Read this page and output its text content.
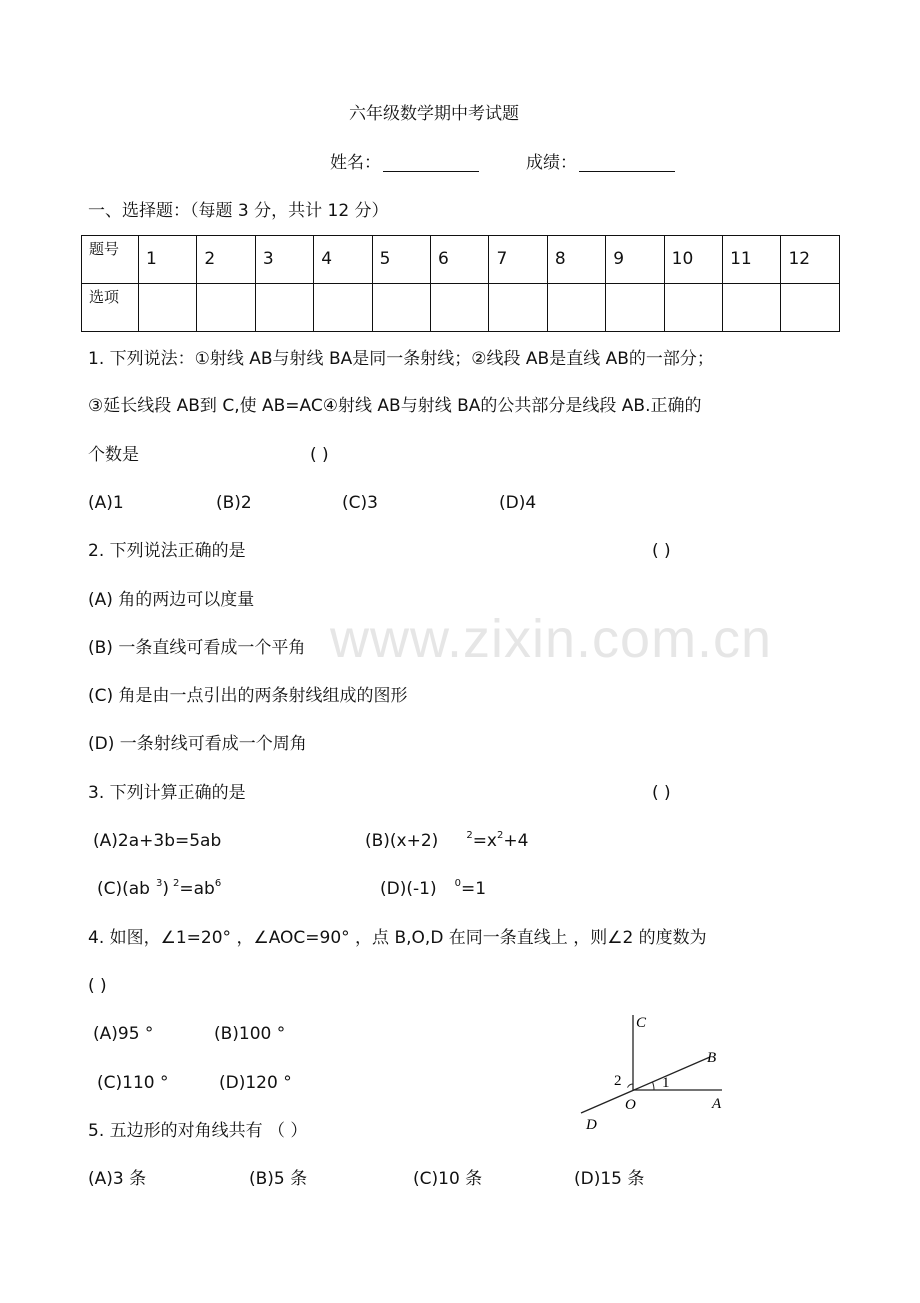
www.zixin.com.cn
六年级数学期中考试题
姓名：	成绩：
一、选择题：（每题 3 分，共计 12 分）
题号	1	2	3	4	5	6	7	8	9	10	11	12
选项												
1. 下列说法：①射线 AB与射线 BA是同一条射线；②线段 AB是直线 AB的一部分；
③延长线段 AB到 C,使 AB=AC④射线 AB与射线 BA的公共部分是线段 AB.正确的
个数是	( )
(A)1	(B)2	(C)3	(D)4
2. 下列说法正确的是	( )
(A) 角的两边可以度量
(B) 一条直线可看成一个平角
(C) 角是由一点引出的两条射线组成的图形
(D) 一条射线可看成一个周角
3. 下列计算正确的是	( )
(A)2a+3b=5ab	(B)(x+2)	$^2=x^2+4$
(C)(ab $^3$) $^2=ab^6$	(D)(-1) $^0$=1
4. 如图，∠1=20° ，∠AOC=90° ，点 B,O,D 在同一条直线上 ，则∠2 的度数为
( )
(A)95 °	(B)100 °
(C)110 °	(D)120 °
C
B
2	1
O	A
D
5. 五边形的对角线共有 （ ）
(A)3 条	(B)5 条	(C)10 条	(D)15 条
